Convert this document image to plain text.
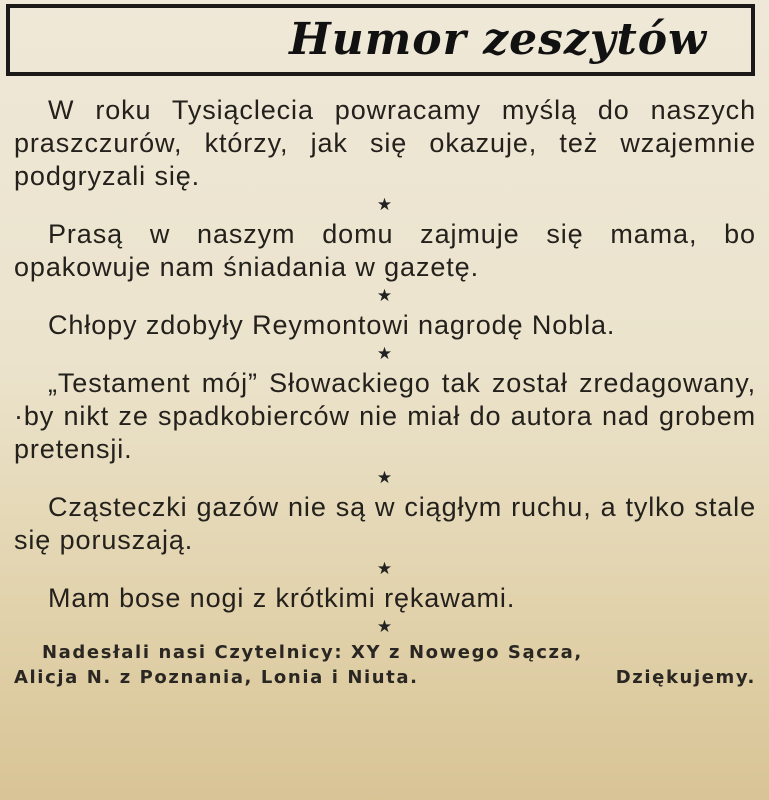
Humor zeszytów

W roku Tysiąclecia powracamy myślą do naszych praszczurów, którzy, jak się okazuje, też wzajemnie podgryzali się.

★

Prasą w naszym domu zajmuje się mama, bo opakowuje nam śniadania w gazetę.

★

Chłopy zdobyły Reymontowi nagrodę Nobla.

★

„Testament mój” Słowackiego tak został zredagowany, ·by nikt ze spadkobierców nie miał do autora nad grobem pretensji.

★

Cząsteczki gazów nie są w ciągłym ruchu, a tylko stale się poruszają.

★

Mam bose nogi z krótkimi rękawami.

★
Nadesłali nasi Czytelnicy: XY z Nowego Sącza,
Alicja N. z Poznania, Lonia i Niuta.	Dziękujemy.
